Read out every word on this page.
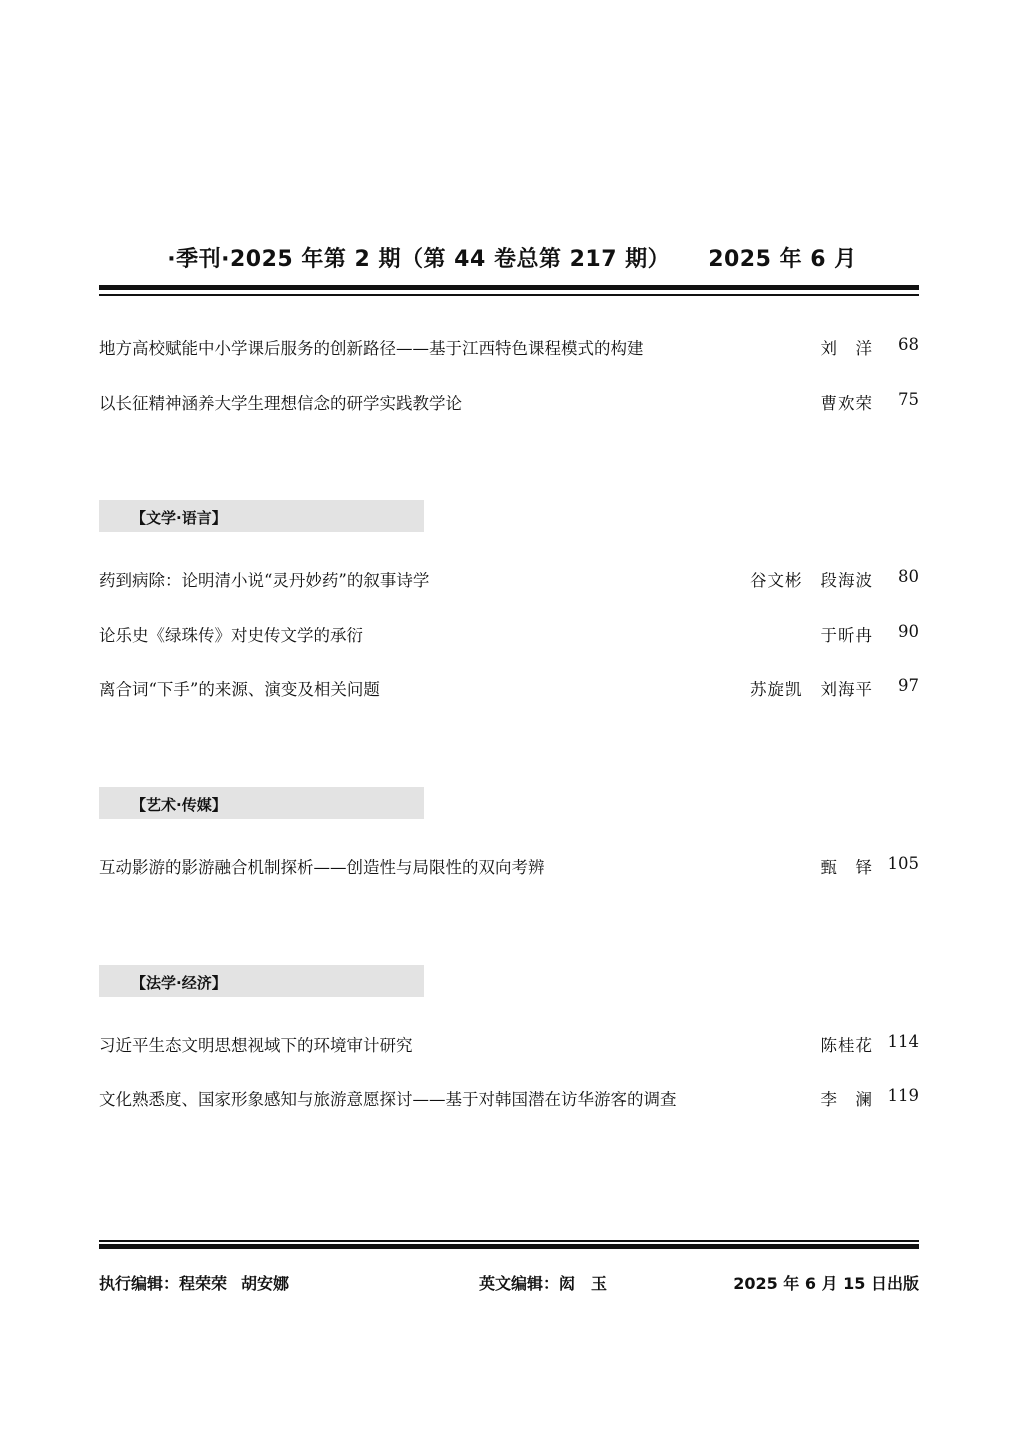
·季刊·2025 年第 2 期（第 44 卷总第 217 期） 2025 年 6 月
地方高校赋能中小学课后服务的创新路径——基于江西特色课程模式的构建	刘　洋	68
以长征精神涵养大学生理想信念的研学实践教学论	曹欢荣	75
【文学·语言】
药到病除：论明清小说“灵丹妙药”的叙事诗学	谷文彬 段海波	80
论乐史《绿珠传》对史传文学的承衍	于昕冉	90
离合词“下手”的来源、演变及相关问题	苏旋凯 刘海平	97
【艺术·传媒】
互动影游的影游融合机制探析——创造性与局限性的双向考辨	甄　铎 105
【法学·经济】
习近平生态文明思想视域下的环境审计研究	陈桂花 114
文化熟悉度、国家形象感知与旅游意愿探讨——基于对韩国潜在访华游客的调查	李　澜 119
执行编辑：程荣荣 胡安娜	英文编辑：闳　玉	2025 年 6 月 15 日出版
